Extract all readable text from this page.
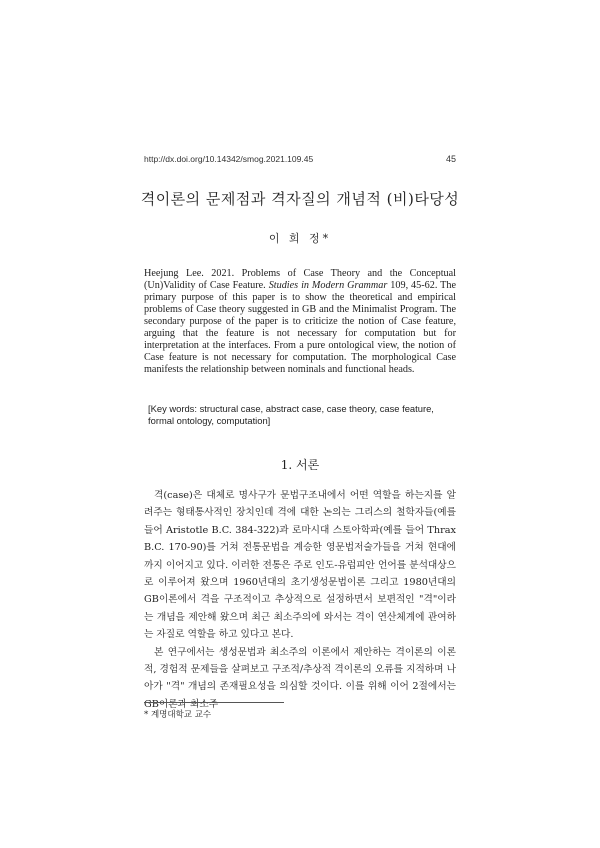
http://dx.doi.org/10.14342/smog.2021.109.45	45
격이론의 문제점과 격자질의 개념적 (비)타당성
이 희 정*
Heejung Lee. 2021. Problems of Case Theory and the Conceptual (Un)Validity of Case Feature. Studies in Modern Grammar 109, 45-62. The primary purpose of this paper is to show the theoretical and empirical problems of Case theory suggested in GB and the Minimalist Program. The secondary purpose of the paper is to criticize the notion of Case feature, arguing that the feature is not necessary for computation but for interpretation at the interfaces. From a pure ontological view, the notion of Case feature is not necessary for computation. The morphological Case manifests the relationship between nominals and functional heads.
[Key words: structural case, abstract case, case theory, case feature, formal ontology, computation]
1. 서론

격(case)은 대체로 명사구가 문법구조내에서 어떤 역할을 하는지를 알려주는 형태통사적인 장치인데 격에 대한 논의는 그리스의 철학자들(예를 들어 Aristotle B.C. 384-322)과 로마시대 스토아학파(예를 들어 Thrax B.C. 170-90)를 거쳐 전통문법을 계승한 영문법저술가들을 거쳐 현대에까지 이어지고 있다. 이러한 전통은 주로 인도-유럽피안 언어를 분석대상으로 이루어져 왔으며 1960년대의 초기생성문법이론 그리고 1980년대의 GB이론에서 격을 구조적이고 추상적으로 설정하면서 보편적인 "격"이라는 개념을 제안해 왔으며 최근 최소주의에 와서는 격이 연산체계에 관여하는 자질로 역할을 하고 있다고 본다.

본 연구에서는 생성문법과 최소주의 이론에서 제안하는 격이론의 이론적, 경험적 문제들을 살펴보고 구조적/추상적 격이론의 오류를 지적하며 나아가 "격" 개념의 존재필요성을 의심할 것이다. 이를 위해 이어 2절에서는 GB이론과 최소주

* 계명대학교 교수
